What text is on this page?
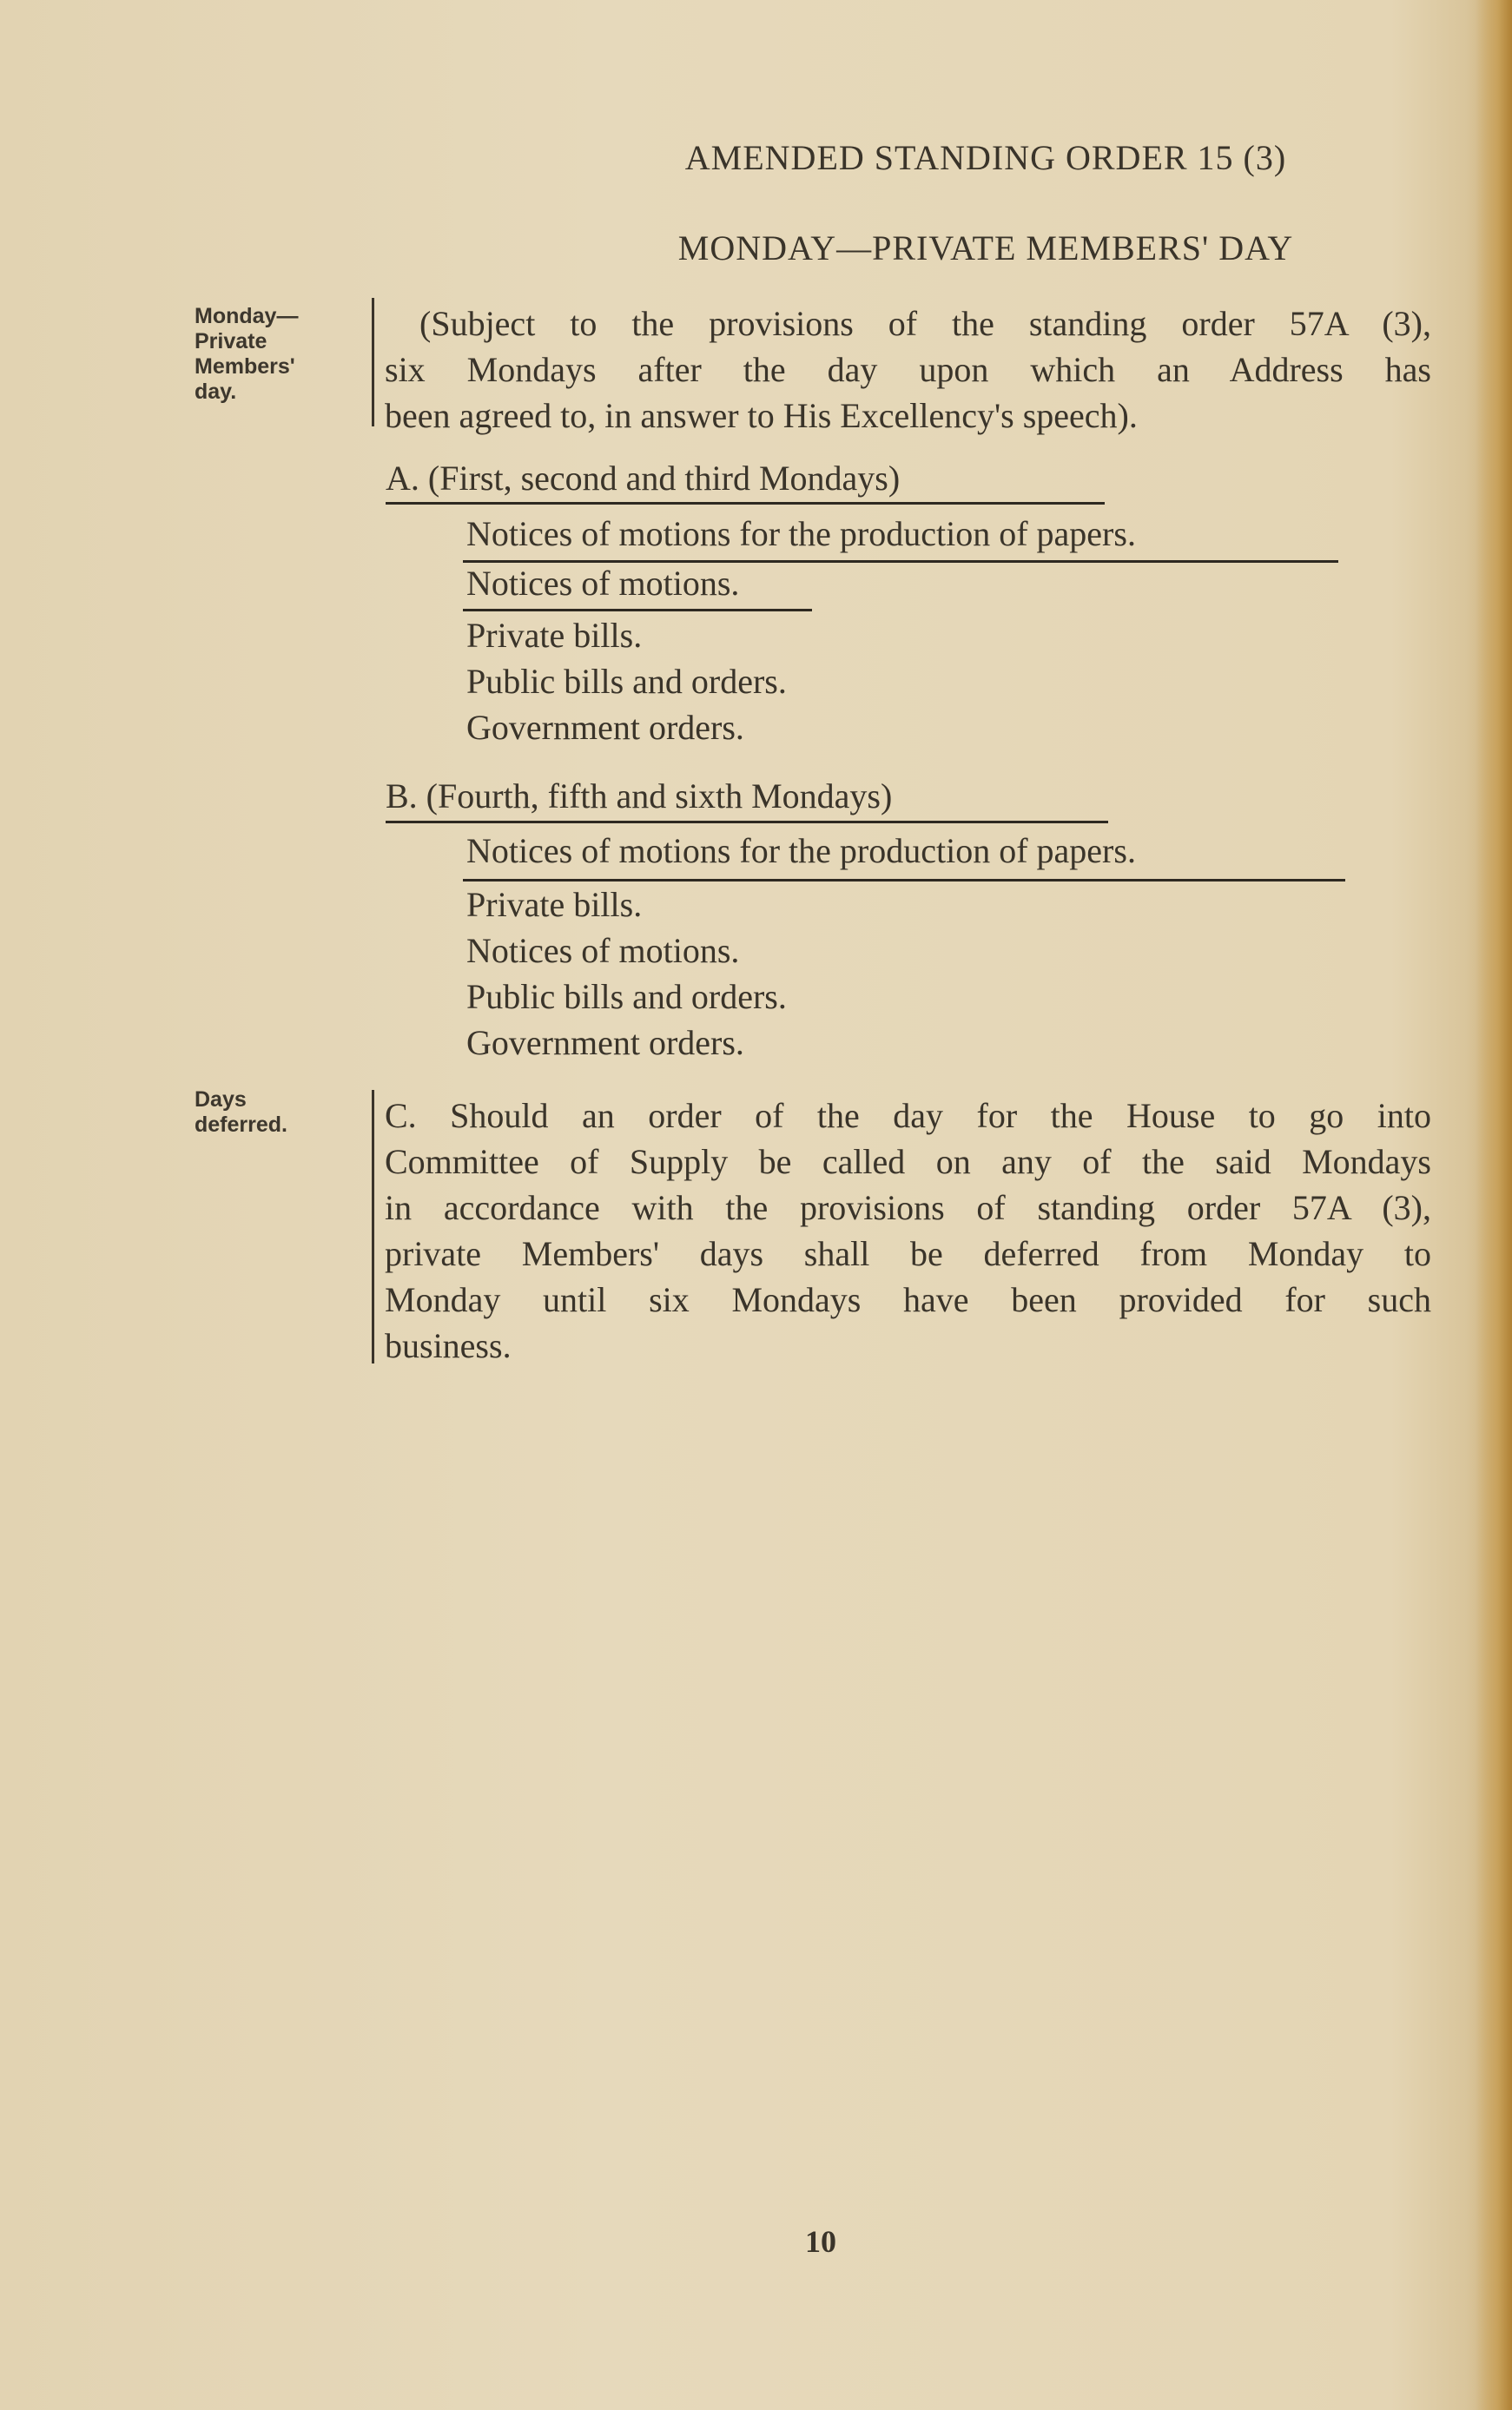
AMENDED STANDING ORDER 15 (3)
MONDAY—PRIVATE MEMBERS' DAY
Monday—
Private
Members'
day.
(Subject to the provisions of the standing order 57A (3),
six Mondays after the day upon which an Address has
been agreed to, in answer to His Excellency's speech).
A. (First, second and third Mondays)
Notices of motions for the production of papers.
Notices of motions.
Private bills.
Public bills and orders.
Government orders.
B. (Fourth, fifth and sixth Mondays)
Notices of motions for the production of papers.
Private bills.
Notices of motions.
Public bills and orders.
Government orders.
Days
deferred.	C. Should an order of the day for the House to go into
Committee of Supply be called on any of the said Mondays
in accordance with the provisions of standing order 57A (3),
private Members' days shall be deferred from Monday to
Monday until six Mondays have been provided for such
business.
10
